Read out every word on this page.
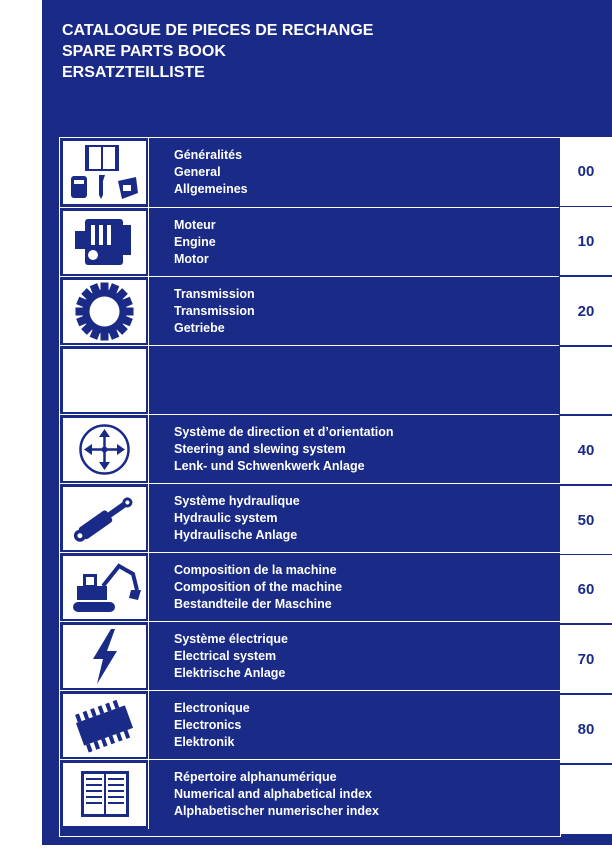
CATALOGUE DE PIECES DE RECHANGE
SPARE PARTS BOOK
ERSATZTEILLISTE
Généralités
General
Allgemeines
Moteur
Engine
Motor
Transmission
Transmission
Getriebe
Système de direction et d’orientation
Steering and slewing system
Lenk- und Schwenkwerk Anlage
Système hydraulique
Hydraulic system
Hydraulische Anlage
Composition de la machine
Composition of the machine
Bestandteile der Maschine
Système électrique
Electrical system
Elektrische Anlage
Electronique
Electronics
Elektronik
Répertoire alphanumérique
Numerical and alphabetical index
Alphabetischer numerischer index
00
10
20
40
50
60
70
80
